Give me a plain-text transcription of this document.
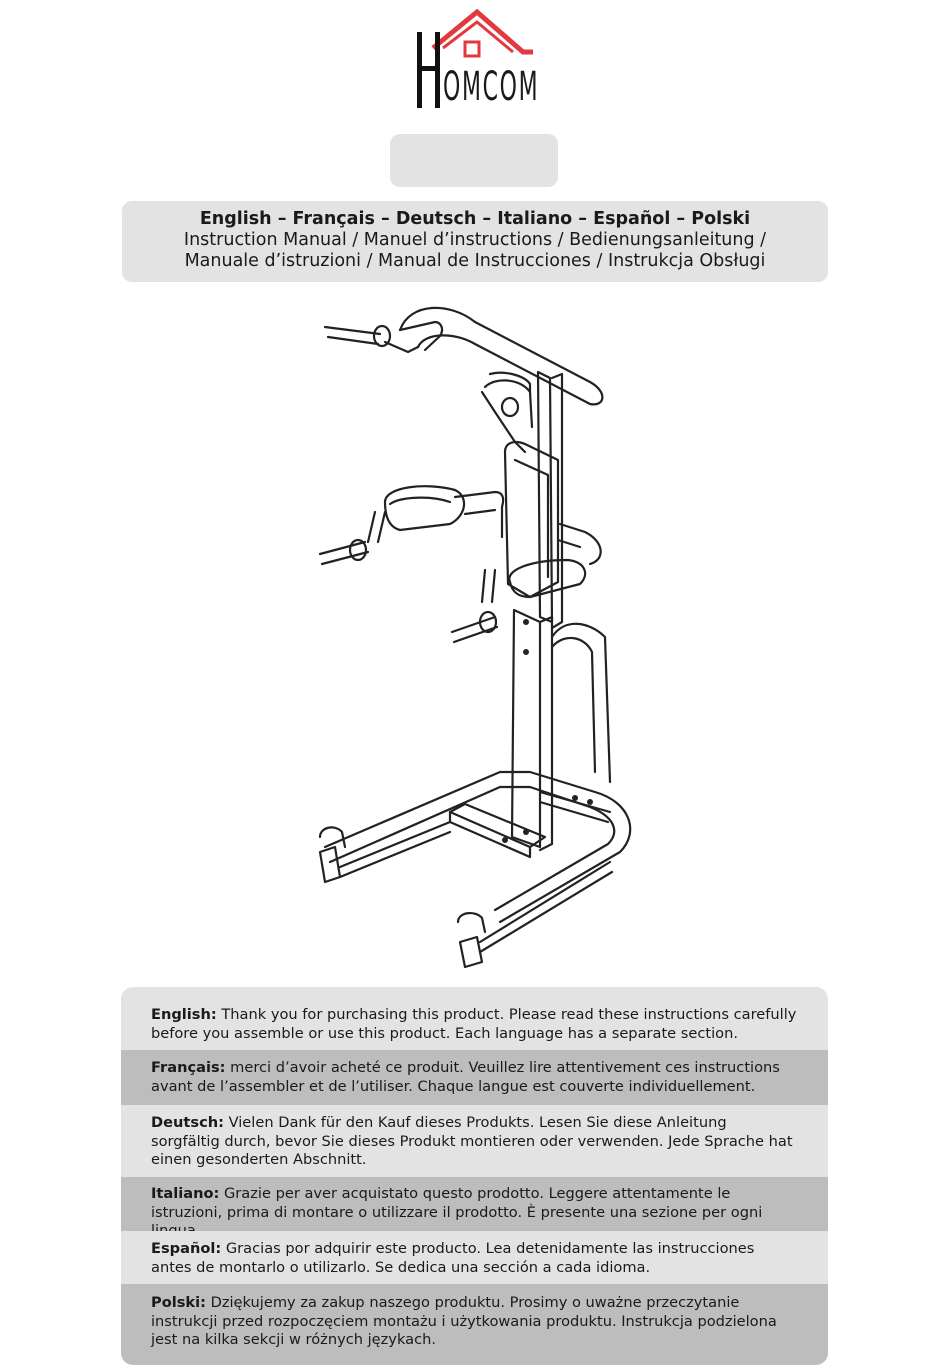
OMCOM
English – Français – Deutsch – Italiano – Español – Polski
Instruction Manual / Manuel d’instructions / Bedienungsanleitung /
Manuale d’istruzioni / Manual de Instrucciones / Instrukcja Obsługi
English: Thank you for purchasing this product. Please read these instructions carefully before you assemble or use this product. Each language has a separate section.
Français: merci d’avoir acheté ce produit. Veuillez lire attentivement ces instructions avant de l’assembler et de l’utiliser. Chaque langue est couverte individuellement.
Deutsch: Vielen Dank für den Kauf dieses Produkts. Lesen Sie diese Anleitung sorgfältig durch, bevor Sie dieses Produkt montieren oder verwenden. Jede Sprache hat einen gesonderten Abschnitt.
Italiano: Grazie per aver acquistato questo prodotto. Leggere attentamente le istruzioni, prima di montare o utilizzare il prodotto. È presente una sezione per ogni
Español: Gracias por adquirir este producto. Lea detenidamente las instrucciones antes de montarlo o utilizarlo. Se dedica una sección a cada idioma.
Polski: Dziękujemy za zakup naszego produktu. Prosimy o uważne przeczytanie instrukcji przed rozpoczęciem montażu i użytkowania produktu. Instrukcja podzielona jest na kilka sekcji w różnych językach.
